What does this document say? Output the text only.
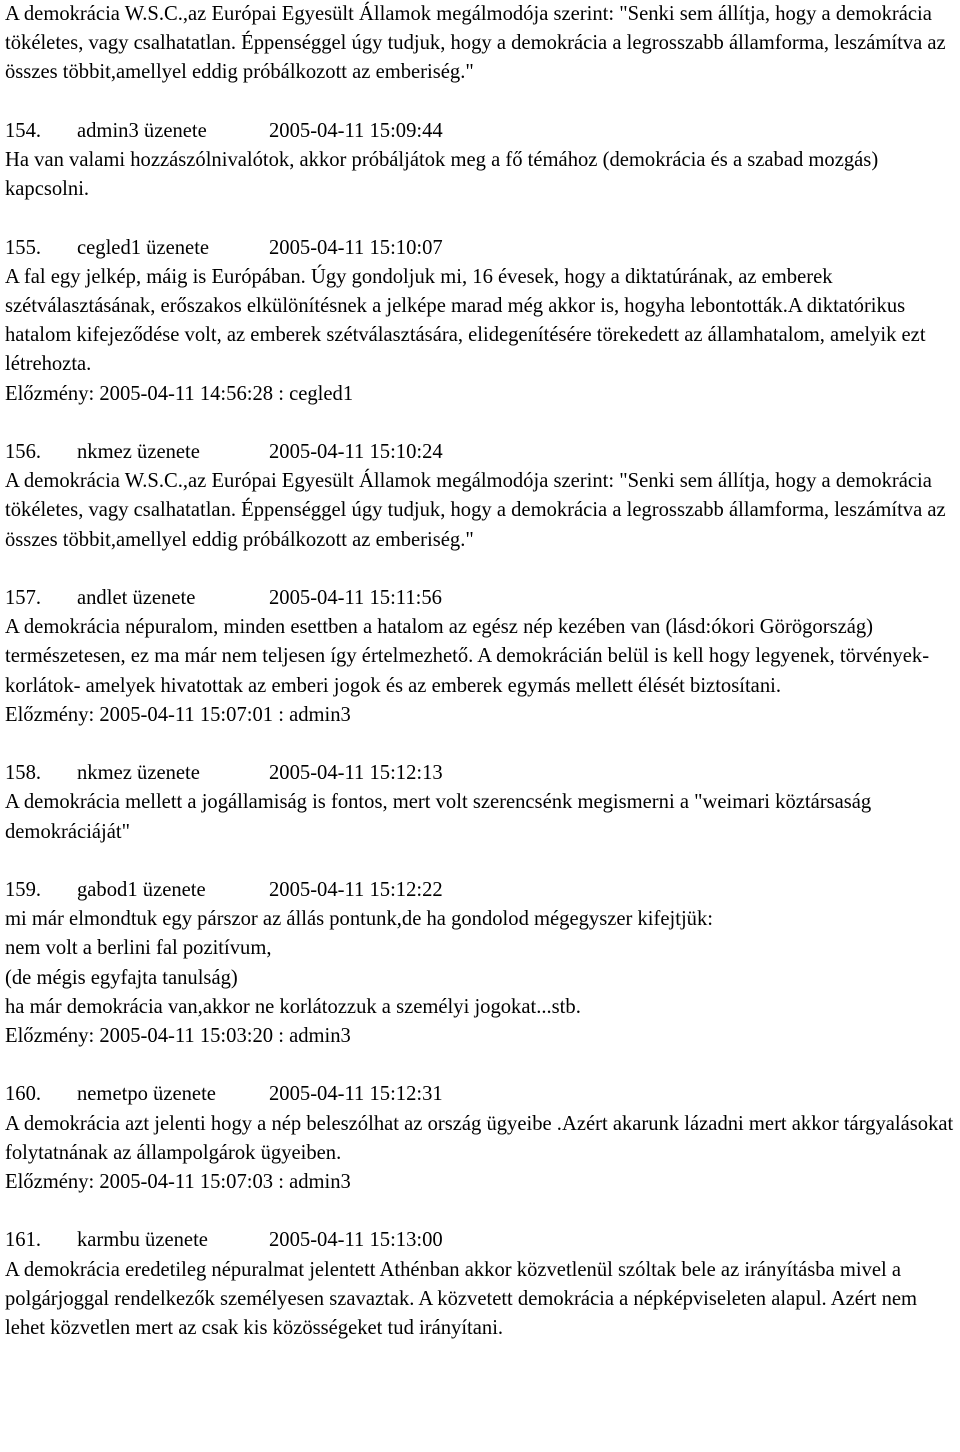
A demokrácia W.S.C.,az Európai Egyesült Államok megálmodója szerint: "Senki sem állítja, hogy a demokrácia tökéletes, vagy csalhatatlan. Éppenséggel úgy tudjuk, hogy a demokrácia a legrosszabb államforma, leszámítva az összes többit,amellyel eddig próbálkozott az emberiség."

154. admin3 üzenete	2005-04-11 15:09:44

Ha van valami hozzászólnivalótok, akkor próbáljátok meg a fő témához (demokrácia és a szabad mozgás) kapcsolni.

155. cegled1 üzenete	2005-04-11 15:10:07

A fal egy jelkép, máig is Európában. Úgy gondoljuk mi, 16 évesek, hogy a diktatúrának, az emberek szétválasztásának, erőszakos elkülönítésnek a jelképe marad még akkor is, hogyha lebontották.A diktatórikus hatalom kifejeződése volt, az emberek szétválasztására, elidegenítésére törekedett az államhatalom, amelyik ezt létrehozta.

Előzmény: 2005-04-11 14:56:28 : cegled1
156. nkmez üzenete	2005-04-11 15:10:24

A demokrácia W.S.C.,az Európai Egyesült Államok megálmodója szerint: "Senki sem állítja, hogy a demokrácia tökéletes, vagy csalhatatlan. Éppenséggel úgy tudjuk, hogy a demokrácia a legrosszabb államforma, leszámítva az összes többit,amellyel eddig próbálkozott az emberiség."

157. andlet üzenete	2005-04-11 15:11:56

A demokrácia népuralom, minden esettben a hatalom az egész nép kezében van (lásd:ókori Görögország) természetesen, ez ma már nem teljesen így értelmezhető. A demokrácián belül is kell hogy legyenek, törvények-korlátok- amelyek hivatottak az emberi jogok és az emberek egymás mellett élését biztosítani.

Előzmény: 2005-04-11 15:07:01 : admin3
158. nkmez üzenete	2005-04-11 15:12:13

A demokrácia mellett a jogállamiság is fontos, mert volt szerencsénk megismerni a "weimari köztársaság demokráciáját"

159. gabod1 üzenete	2005-04-11 15:12:22
mi már elmondtuk egy párszor az állás pontunk,de ha gondolod mégegyszer kifejtjük:
nem volt a berlini fal pozitívum,
(de mégis egyfajta tanulság)
ha már demokrácia van,akkor ne korlátozzuk a személyi jogokat...stb.
Előzmény: 2005-04-11 15:03:20 : admin3
160. nemetpo üzenete	2005-04-11 15:12:31

A demokrácia azt jelenti hogy a nép beleszólhat az ország ügyeibe .Azért akarunk lázadni mert akkor tárgyalásokat folytatnának az állampolgárok ügyeiben.

Előzmény: 2005-04-11 15:07:03 : admin3
161. karmbu üzenete	2005-04-11 15:13:00

A demokrácia eredetileg népuralmat jelentett Athénban akkor közvetlenül szóltak bele az irányításba mivel a polgárjoggal rendelkezők személyesen szavaztak. A közvetett demokrácia a népképviseleten alapul. Azért nem lehet közvetlen mert az csak kis közösségeket tud irányítani.
